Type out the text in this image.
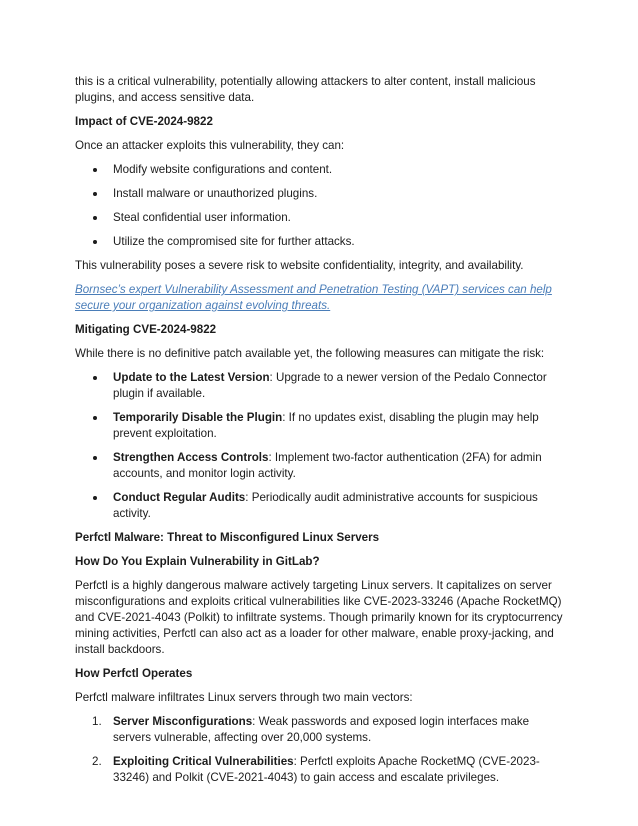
this is a critical vulnerability, potentially allowing attackers to alter content, install malicious plugins, and access sensitive data.

Impact of CVE-2024-9822

Once an attacker exploits this vulnerability, they can:

Modify website configurations and content.
Install malware or unauthorized plugins.
Steal confidential user information.
Utilize the compromised site for further attacks.

This vulnerability poses a severe risk to website confidentiality, integrity, and availability.

Bornsec’s expert Vulnerability Assessment and Penetration Testing (VAPT) services can help secure your organization against evolving threats.

Mitigating CVE-2024-9822

While there is no definitive patch available yet, the following measures can mitigate the risk:

Update to the Latest Version: Upgrade to a newer version of the Pedalo Connector plugin if available.
Temporarily Disable the Plugin: If no updates exist, disabling the plugin may help prevent exploitation.
Strengthen Access Controls: Implement two-factor authentication (2FA) for admin accounts, and monitor login activity.
Conduct Regular Audits: Periodically audit administrative accounts for suspicious activity.
Perfctl Malware: Threat to Misconfigured Linux Servers
How Do You Explain Vulnerability in GitLab?

Perfctl is a highly dangerous malware actively targeting Linux servers. It capitalizes on server misconfigurations and exploits critical vulnerabilities like CVE-2023-33246 (Apache RocketMQ) and CVE-2021-4043 (Polkit) to infiltrate systems. Though primarily known for its cryptocurrency mining activities, Perfctl can also act as a loader for other malware, enable proxy-jacking, and install backdoors.

How Perfctl Operates

Perfctl malware infiltrates Linux servers through two main vectors:

1. Server Misconfigurations: Weak passwords and exposed login interfaces make servers vulnerable, affecting over 20,000 systems.
2. Exploiting Critical Vulnerabilities: Perfctl exploits Apache RocketMQ (CVE-2023-33246) and Polkit (CVE-2021-4043) to gain access and escalate privileges.
